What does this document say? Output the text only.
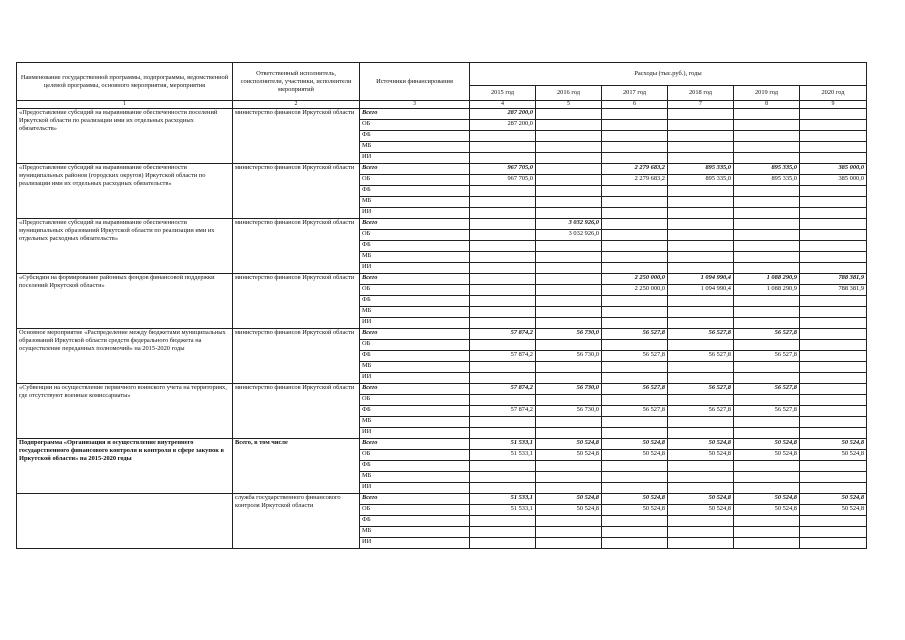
Наименование государственной программы, подпрограммы, ведомственной целевой программы, основного мероприятия, мероприятия	Ответственный исполнитель, соисполнители, участники, исполнители мероприятий	Источники финансирования	Расходы (тыс.руб.), годы					
			2015 год	2016 год	2017 год	2018 год	2019 год	2020 год
1	2	3	4	5	6	7	8	9
«Предоставление субсидий на выравнивание обеспеченности поселений Иркутской области по реализации ими их отдельных расходных обязательств»	министерство финансов Иркутской области	Всего	287 200,0					
		ОБ	287 200,0					
		ФБ						
		МБ						
		ИИ						
«Предоставление субсидий на выравнивание обеспеченности муниципальных районов (городских округов) Иркутской области по реализации ими их отдельных расходных обязательств»	министерство финансов Иркутской области	Всего	967 705,0		2 279 683,2	895 335,0	895 335,0	385 000,0
		ОБ	967 705,0		2 279 683,2	895 335,0	895 335,0	385 000,0
		ФБ						
		МБ						
		ИИ						
«Предоставление субсидий на выравнивание обеспеченности муниципальных образований Иркутской области по реализации ими их отдельных расходных обязательств»	министерство финансов Иркутской области	Всего		3 032 926,0				
		ОБ		3 032 926,0				
		ФБ						
		МБ						
		ИИ						
«Субсидии на формирование районных фондов финансовой поддержки поселений Иркутской области»	министерство финансов Иркутской области	Всего			2 250 000,0	1 094 990,4	1 088 290,9	788 381,9
		ОБ			2 250 000,0	1 094 990,4	1 088 290,9	788 381,9
		ФБ						
		МБ						
		ИИ						
Основное мероприятие «Распределение между бюджетами муниципальных образований Иркутской области средств федерального бюджета на осуществление переданных полномочий» на 2015-2020 годы	министерство финансов Иркутской области	Всего	57 874,2	56 730,0	56 527,8	56 527,8	56 527,8	
		ОБ						
		ФБ	57 874,2	56 730,0	56 527,8	56 527,8	56 527,8	
		МБ						
		ИИ						
«Субвенции на осуществление первичного воинского учета на территориях, где отсутствуют военные комиссариаты»	министерство финансов Иркутской области	Всего	57 874,2	56 730,0	56 527,8	56 527,8	56 527,8	
		ОБ						
		ФБ	57 874,2	56 730,0	56 527,8	56 527,8	56 527,8	
		МБ						
		ИИ						
Подпрограмма «Организация и осуществление внутреннего государственного финансового контроля и контроля в сфере закупок в Иркутской области» на 2015-2020 годы	Всего, в том числе	Всего	51 533,1	50 524,8	50 524,8	50 524,8	50 524,8	50 524,8
		ОБ	51 533,1	50 524,8	50 524,8	50 524,8	50 524,8	50 524,8
		ФБ						
		МБ						
		ИИ						
	служба государственного финансового контроля Иркутской области	Всего	51 533,1	50 524,8	50 524,8	50 524,8	50 524,8	50 524,8
		ОБ	51 533,1	50 524,8	50 524,8	50 524,8	50 524,8	50 524,8
		ФБ						
		МБ						
		ИИ						
